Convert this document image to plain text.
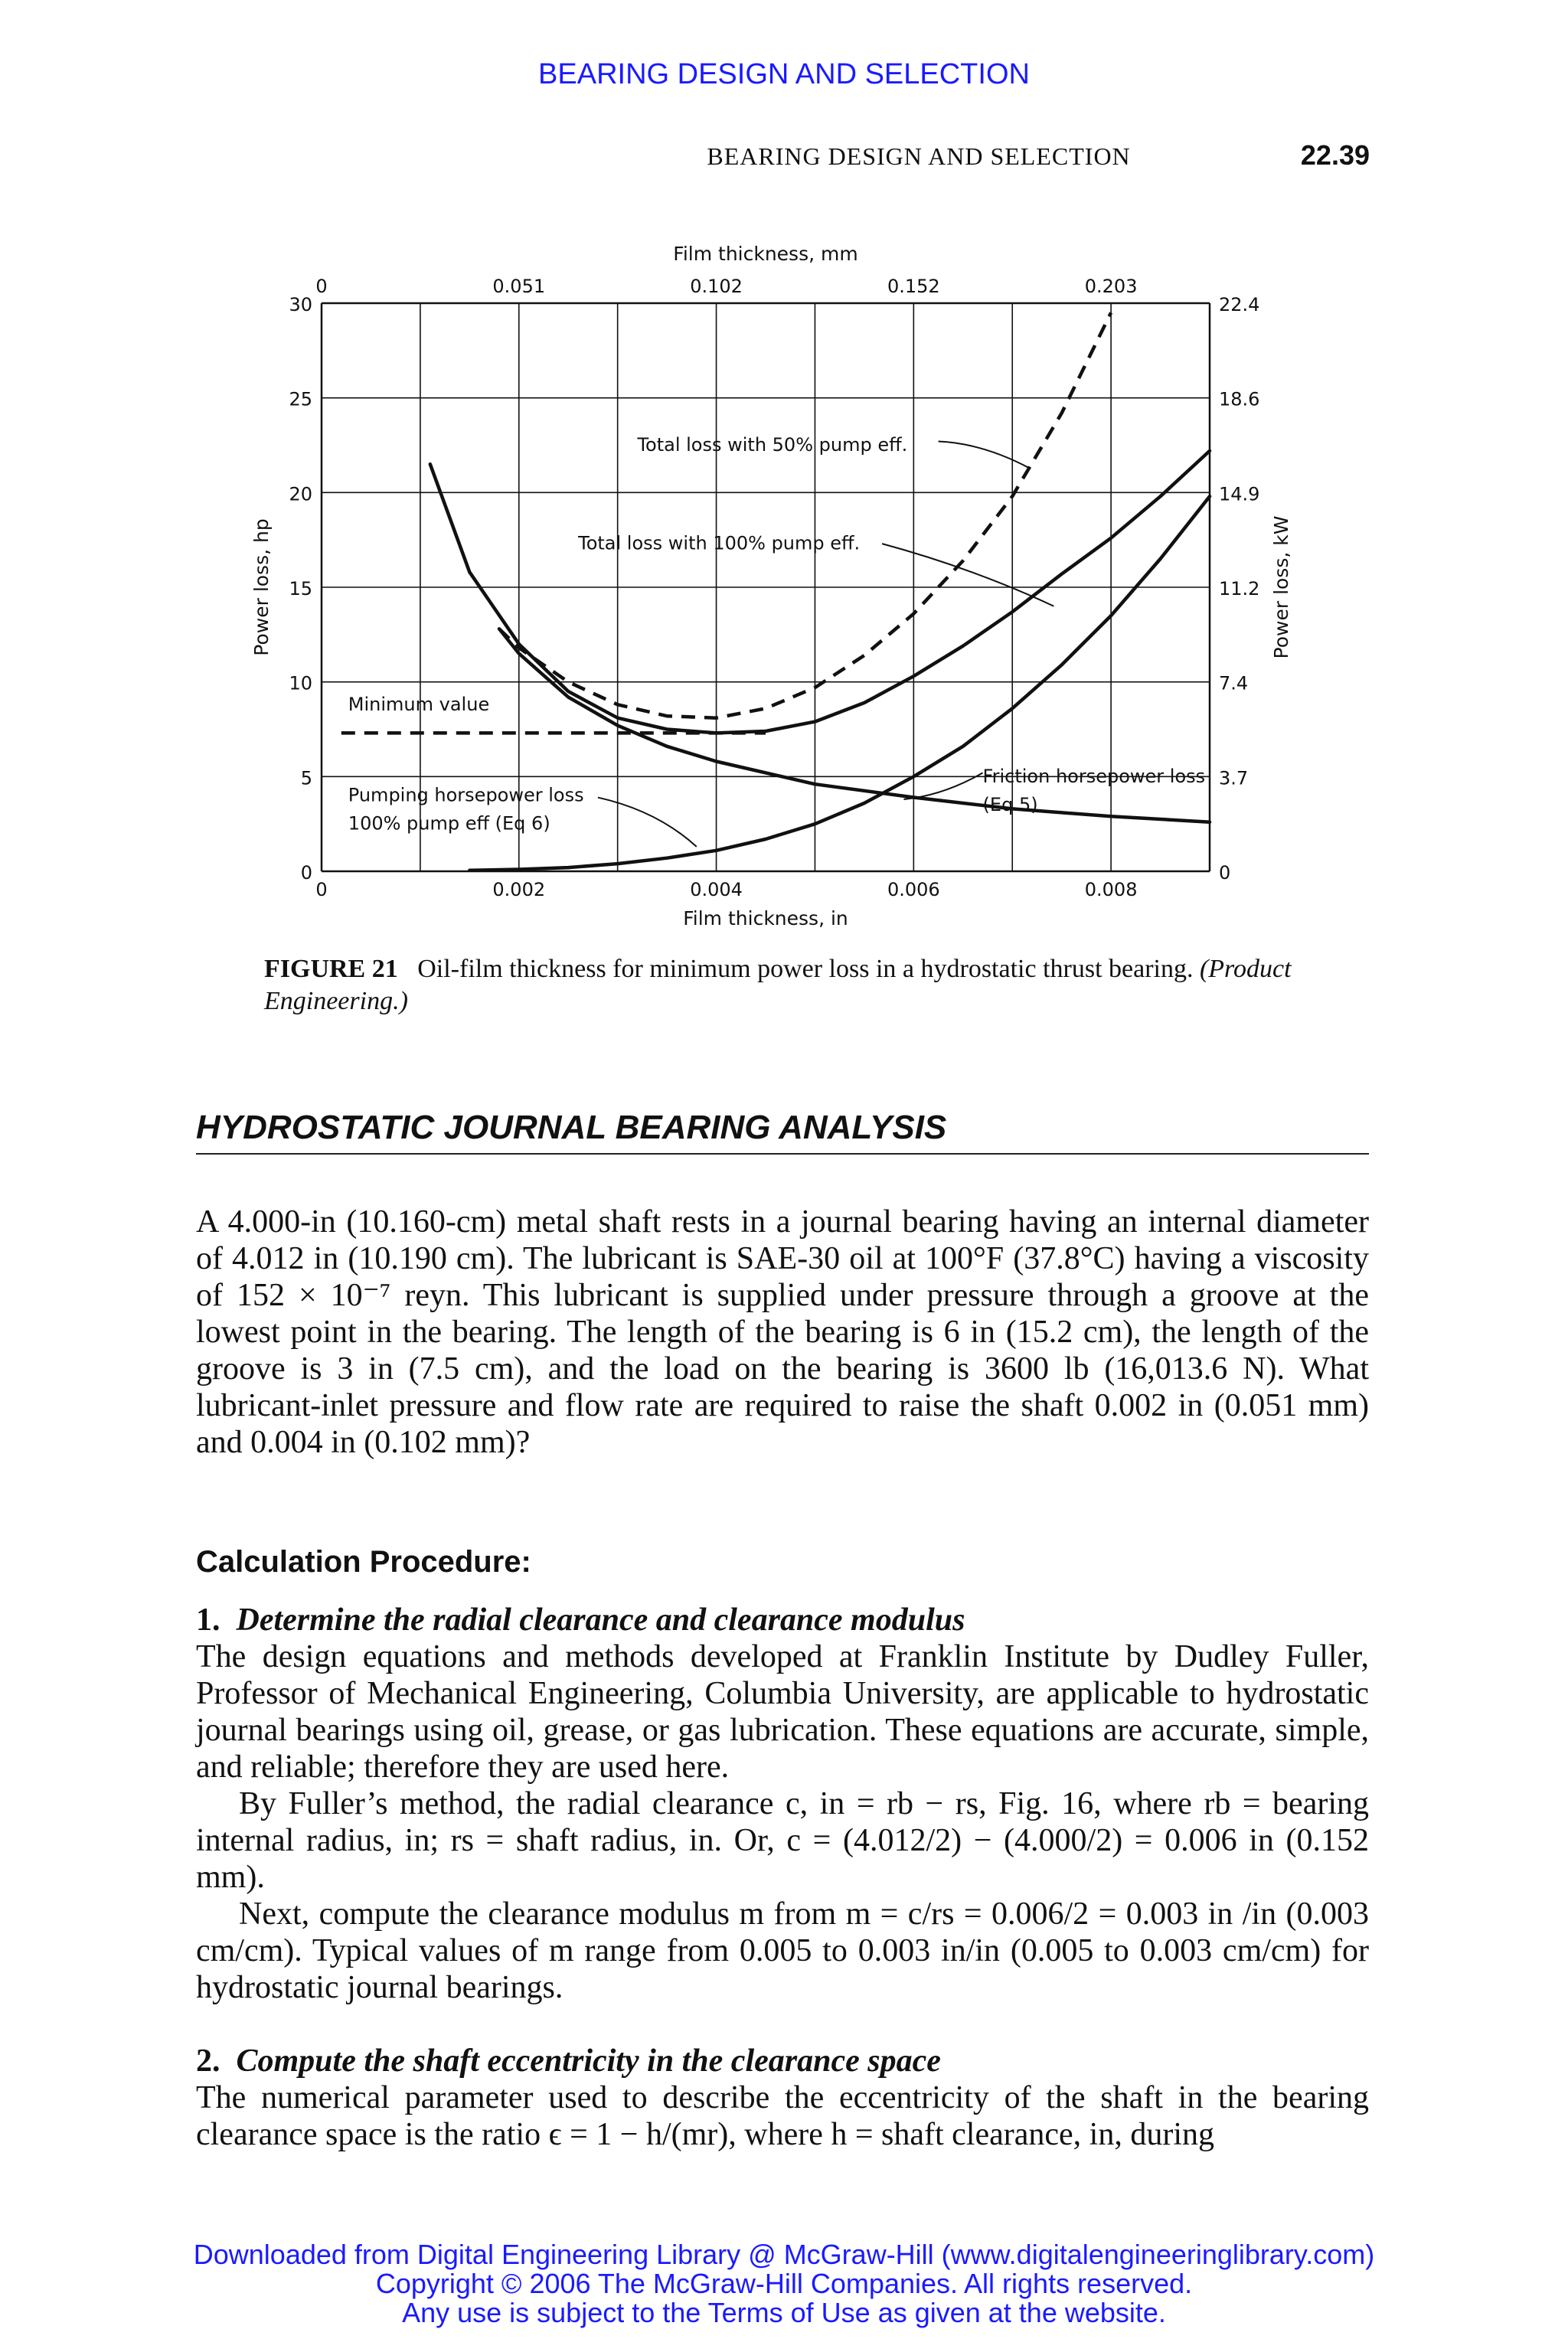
BEARING DESIGN AND SELECTION
BEARING DESIGN AND SELECTION	22.39
0
5
10
15
20
25
30
0
3.7
7.4
11.2
14.9
18.6
22.4
0	0.002	0.004	0.006	0.008
0	0.051	0.102	0.152	0.203
Film thickness, in
Film thickness, mm
Power loss, hp	Power loss, kW
Total loss with 50% pump eff.
Total loss with 100% pump eff.
Minimum value
Friction horsepower loss
(Eq 5)
Pumping horsepower loss
100% pump eff (Eq 6)
FIGURE 21 Oil-film thickness for minimum power loss in a hydrostatic thrust bearing. (Product Engineering.)
HYDROSTATIC JOURNAL BEARING ANALYSIS
A 4.000-in (10.160-cm) metal shaft rests in a journal bearing having an internal diameter of 4.012 in (10.190 cm). The lubricant is SAE-30 oil at 100°F (37.8°C) having a viscosity of 152 × 10⁻⁷ reyn. This lubricant is supplied under pressure through a groove at the lowest point in the bearing. The length of the bearing is 6 in (15.2 cm), the length of the groove is 3 in (7.5 cm), and the load on the bearing is 3600 lb (16,013.6 N). What lubricant-inlet pressure and flow rate are required to raise the shaft 0.002 in (0.051 mm) and 0.004 in (0.102 mm)?
Calculation Procedure:
1. Determine the radial clearance and clearance modulus
The design equations and methods developed at Franklin Institute by Dudley Fuller, Professor of Mechanical Engineering, Columbia University, are applicable to hydrostatic journal bearings using oil, grease, or gas lubrication. These equations are accurate, simple, and reliable; therefore they are used here.
By Fuller’s method, the radial clearance c, in = rb − rs, Fig. 16, where rb = bearing internal radius, in; rs = shaft radius, in. Or, c = (4.012/2) − (4.000/2) = 0.006 in (0.152 mm).
Next, compute the clearance modulus m from m = c/rs = 0.006/2 = 0.003 in /in (0.003 cm/cm). Typical values of m range from 0.005 to 0.003 in/in (0.005 to 0.003 cm/cm) for hydrostatic journal bearings.
2. Compute the shaft eccentricity in the clearance space
The numerical parameter used to describe the eccentricity of the shaft in the bearing clearance space is the ratio ϵ = 1 − h/(mr), where h = shaft clearance, in, during
Downloaded from Digital Engineering Library @ McGraw-Hill (www.digitalengineeringlibrary.com)
Copyright © 2006 The McGraw-Hill Companies. All rights reserved.
Any use is subject to the Terms of Use as given at the website.
